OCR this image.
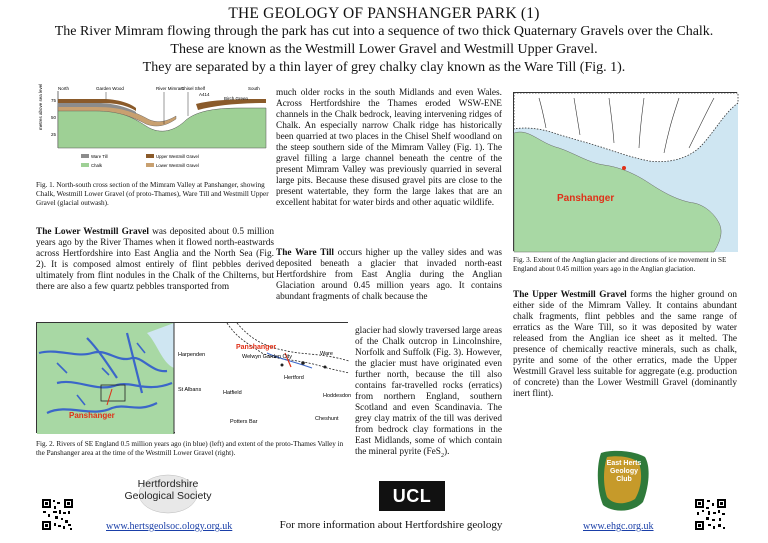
THE GEOLOGY OF PANSHANGER PARK (1)
The River Mimram flowing through the park has cut into a sequence of two thick Quaternary Gravels over the Chalk.
These are known as the Westmill Lower Gravel and Westmill Upper Gravel.
They are separated by a thin layer of grey chalky clay known as the Ware Till (Fig. 1).
metres above sea level 75
50
25
North	Garden Wood	River Mimram
Chisel Shelf
A414
Birch Green
South
Ware Till	Upper Westmill Gravel
Chalk	Lower Westmill Gravel
Fig. 1. North-south cross section of the Mimram Valley at Panshanger, showing Chalk, Westmill Lower Gravel (of proto-Thames), Ware Till and Westmill Upper Gravel (glacial outwash).
The Lower Westmill Gravel was deposited about 0.5 million years ago by the River Thames when it flowed north-eastwards across Hertfordshire into East Anglia and the North Sea (Fig. 2). It is composed almost entirely of flint pebbles derived ultimately from flint nodules in the Chalk of the Chilterns, but there are also a few quartz pebbles transported from
much older rocks in the south Midlands and even Wales. Across Hertfordshire the Thames eroded WSW-ENE channels in the Chalk bedrock, leaving intervening ridges of Chalk. An especially narrow Chalk ridge has historically been quarried at two places in the Chisel Shelf woodland on the steep southern side of the Mimram Valley (Fig. 1). The gravel filling a large channel beneath the centre of the present Mimram Valley was previously quarried in several large pits. Because these disused gravel pits are close to the present watertable, they form the large lakes that are an excellent habitat for water birds and other aquatic wildlife.
The Ware Till occurs higher up the valley sides and was deposited beneath a glacier that invaded north-east Hertfordshire from East Anglia during the Anglian Glaciation around 0.45 million years ago. It contains abundant fragments of chalk because the
glacier had slowly traversed large areas of the Chalk outcrop in Lincolnshire, Norfolk and Suffolk (Fig. 3). However, the glacier must have originated even further north, because the till also contains far-travelled rocks (erratics) from northern England, southern Scotland and even Scandinavia. The grey clay matrix of the till was derived from bedrock clay formations in the East Midlands, some of which contain the mineral pyrite (FeS$_2$).
Panshanger
Panshanger
Harpenden	Welwyn Garden City	Ware
St Albans	Hatfield
Hertford
Hoddesdon
Cheshunt
Potters Bar
Fig. 2. Rivers of SE England 0.5 million years ago (in blue) (left) and extent of the proto-Thames Valley in the Panshanger area at the time of the Westmill Lower Gravel (right).
Panshanger
Fig. 3. Extent of the Anglian glacier and directions of ice movement in SE England about 0.45 million years ago in the Anglian glaciation.
The Upper Westmill Gravel forms the higher ground on either side of the Mimram Valley. It contains abundant chalk fragments, flint pebbles and the same range of erratics as the Ware Till, so it was deposited by water released from the Anglian ice sheet as it melted. The presence of chemically reactive minerals, such as chalk, pyrite and some of the other erratics, made the Upper Westmill Gravel less suitable for aggregate (e.g. production of concrete) than the Lower Westmill Gravel (dominantly inert flint).
Hertfordshire Geological Society	UCL
East Herts Geology Club
www.hertsgeolsoc.ology.org.uk	For more information about Hertfordshire geology	www.ehgc.org.uk
